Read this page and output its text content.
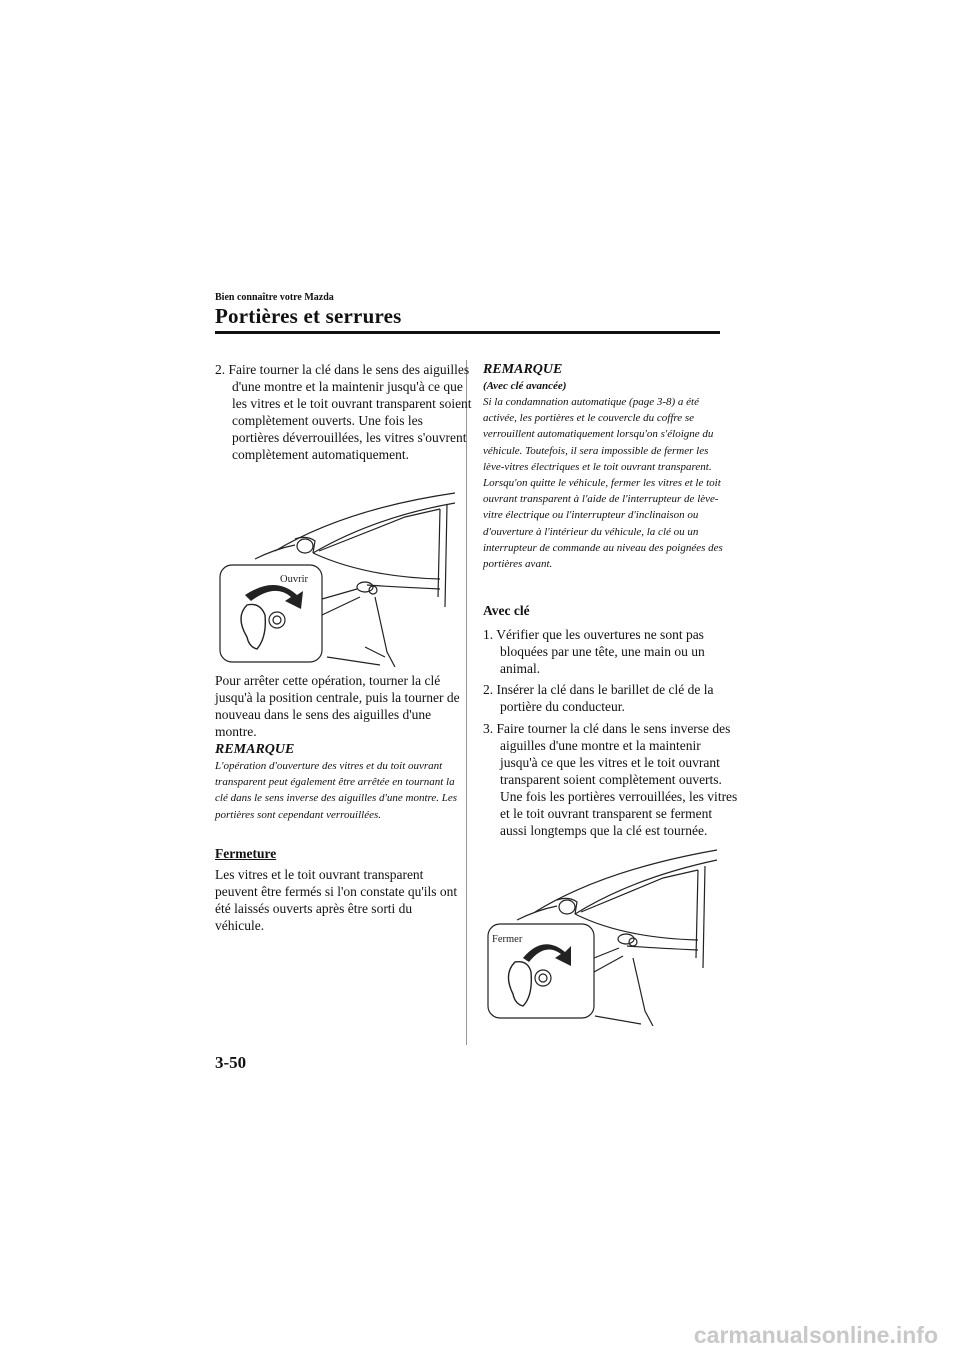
Bien connaître votre Mazda
Portières et serrures
2. Faire tourner la clé dans le sens des aiguilles d'une montre et la maintenir jusqu'à ce que les vitres et le toit ouvrant transparent soient complètement ouverts. Une fois les portières déverrouillées, les vitres s'ouvrent complètement automatiquement.
Ouvrir
Pour arrêter cette opération, tourner la clé jusqu'à la position centrale, puis la tourner de nouveau dans le sens des aiguilles d'une montre.
REMARQUE
L'opération d'ouverture des vitres et du toit ouvrant transparent peut également être arrêtée en tournant la clé dans le sens inverse des aiguilles d'une montre. Les portières sont cependant verrouillées.
Fermeture
Les vitres et le toit ouvrant transparent peuvent être fermés si l'on constate qu'ils ont été laissés ouverts après être sorti du véhicule.
REMARQUE
(Avec clé avancée)
Si la condamnation automatique (page 3-8) a été activée, les portières et le couvercle du coffre se verrouillent automatiquement lorsqu'on s'éloigne du véhicule. Toutefois, il sera impossible de fermer les lève-vitres électriques et le toit ouvrant transparent. Lorsqu'on quitte le véhicule, fermer les vitres et le toit ouvrant transparent à l'aide de l'interrupteur de lève-vitre électrique ou l'interrupteur d'inclinaison ou d'ouverture à l'intérieur du véhicule, la clé ou un interrupteur de commande au niveau des poignées des portières avant.
Avec clé
1. Vérifier que les ouvertures ne sont pas bloquées par une tête, une main ou un animal.
2. Insérer la clé dans le barillet de clé de la portière du conducteur.
3. Faire tourner la clé dans le sens inverse des aiguilles d'une montre et la maintenir jusqu'à ce que les vitres et le toit ouvrant transparent soient complètement ouverts. Une fois les portières verrouillées, les vitres et le toit ouvrant transparent se ferment aussi longtemps que la clé est tournée.
Fermer
3-50
carmanualsonline.info
